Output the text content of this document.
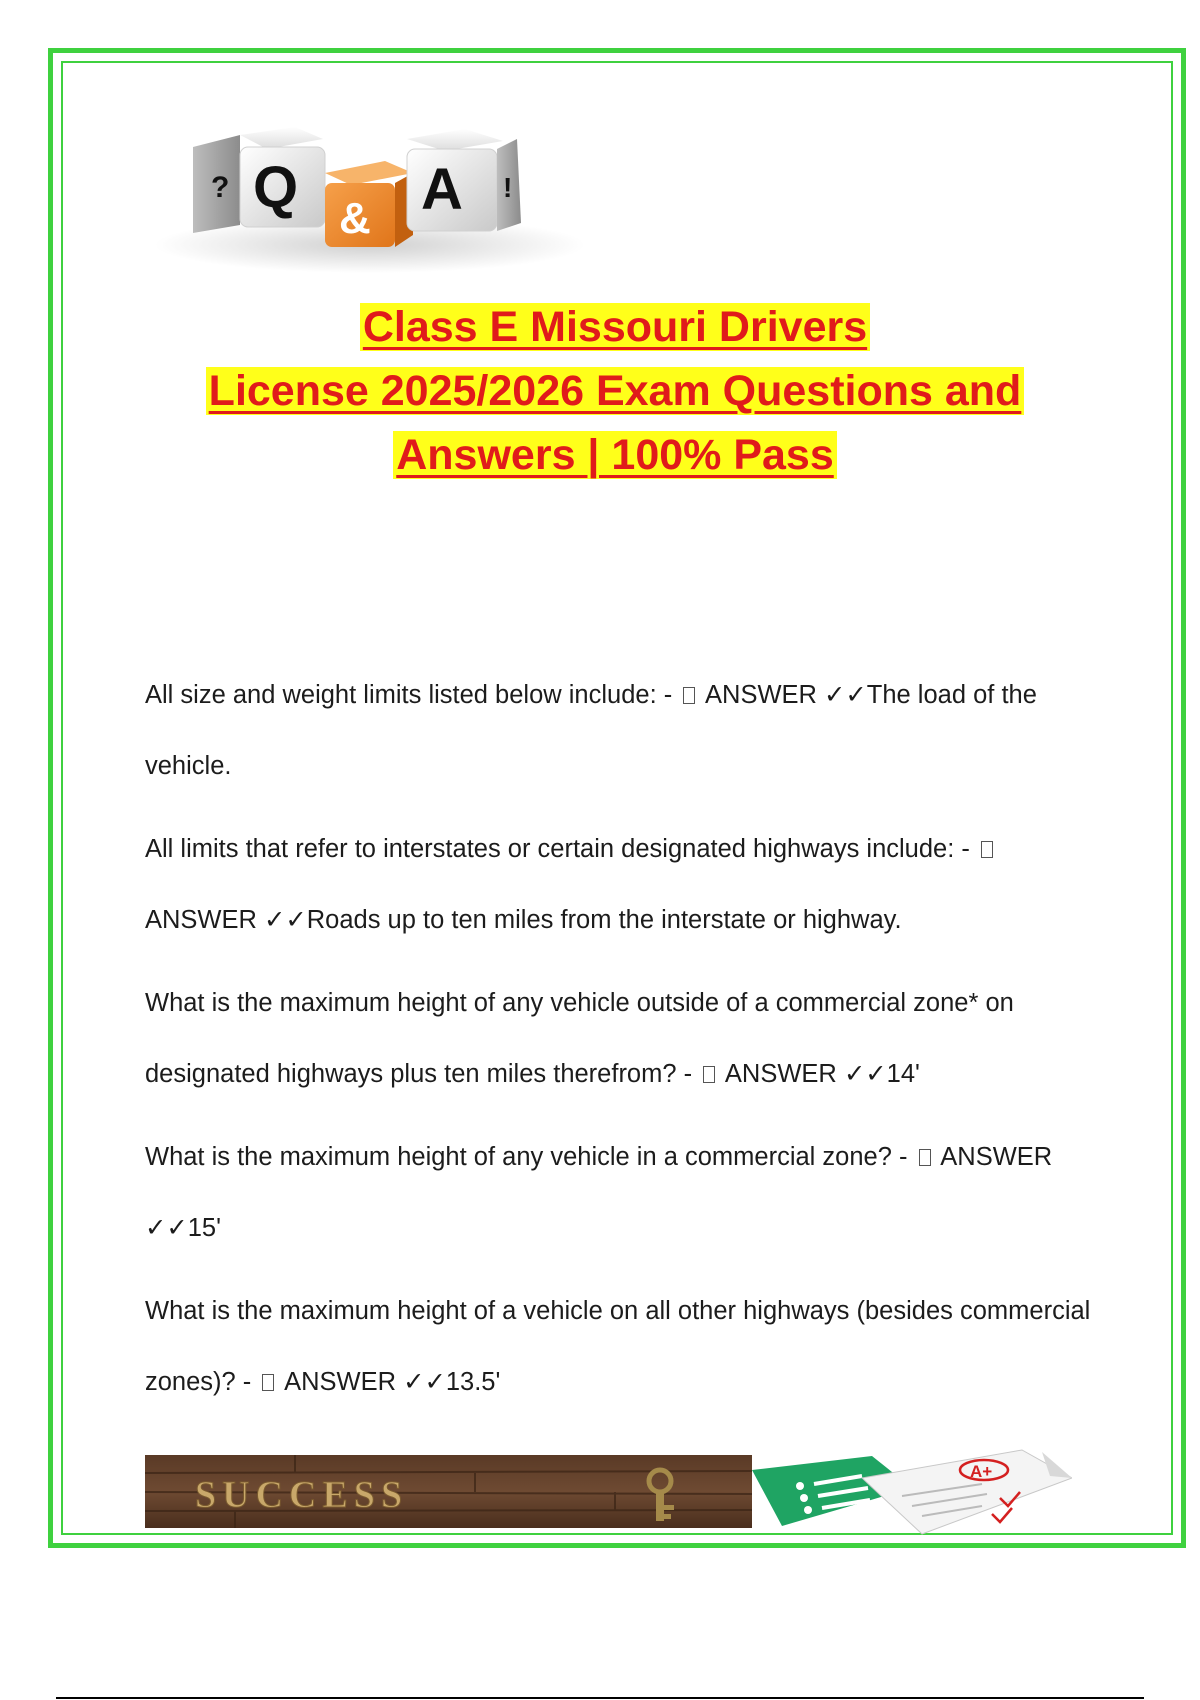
? Q & A !
Class E Missouri Drivers
License 2025/2026 Exam Questions and
Answers | 100% Pass

All size and weight limits listed below include: - ANSWER ✓✓The load of the vehicle.

All limits that refer to interstates or certain designated highways include: -  ANSWER ✓✓Roads up to ten miles from the interstate or highway.

What is the maximum height of any vehicle outside of a commercial zone* on designated highways plus ten miles therefrom? - ANSWER ✓✓14'

What is the maximum height of any vehicle in a commercial zone? - ANSWER ✓✓15'

What is the maximum height of a vehicle on all other highways (besides commercial zones)? - ANSWER ✓✓13.5'

SUCCESS
A+
